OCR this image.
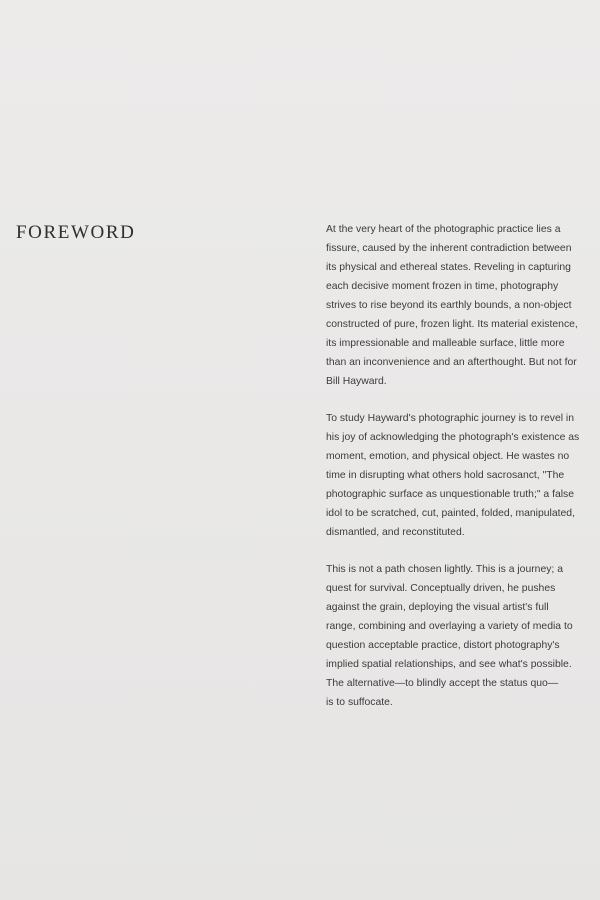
FOREWORD	At the very heart of the photographic practice lies a
fissure, caused by the inherent contradiction between
its physical and ethereal states. Reveling in capturing
each decisive moment frozen in time, photography
strives to rise beyond its earthly bounds, a non-object
constructed of pure, frozen light. Its material existence,
its impressionable and malleable surface, little more
than an inconvenience and an afterthought. But not for
Bill Hayward.

To study Hayward's photographic journey is to revel in
his joy of acknowledging the photograph's existence as
moment, emotion, and physical object. He wastes no
time in disrupting what others hold sacrosanct, "The
photographic surface as unquestionable truth;" a false
idol to be scratched, cut, painted, folded, manipulated,
dismantled, and reconstituted.

This is not a path chosen lightly. This is a journey; a
quest for survival. Conceptually driven, he pushes
against the grain, deploying the visual artist's full
range, combining and overlaying a variety of media to
question acceptable practice, distort photography's
implied spatial relationships, and see what's possible.
The alternative—to blindly accept the status quo—
is to suffocate.
